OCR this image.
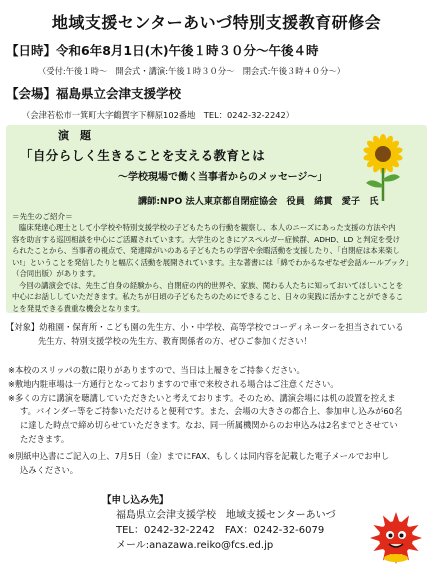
地域支援センターあいづ特別支援教育研修会
【日時】令和6年8月1日(木)午後１時３０分～午後４時
（受付:午後１時～　開会式・講演:午後１時３０分～　閉会式:午後３時４０分～）
【会場】福島県立会津支援学校
（会津若松市一箕町大字鶴賀字下柳原102番地　TEL：0242-32-2242）
演　題
「自分らしく生きることを支える教育とは
～学校現場で働く当事者からのメッセージ～」
講師:NPO 法人東京都自閉症協会　役員　綿貫　愛子　氏
＝先生のご紹介＝
臨床発達心理士として小学校や特別支援学校の子どもたちの行動を観察し、本人のニーズにあった支援の方法や内
容を助言する巡回相談を中心にご活躍されています。大学生のときにアスペルガー症候群、ADHD、LD と判定を受け
られたことから、当事者の視点で、発達障がいのある子どもたちの学習や余暇活動を支援したり、「自閉症は本来楽し
い!」ということを発信したりと幅広く活動を展開されています。主な著書には「綿でわかるなぜなぜ会話ルールブック」
（合同出版）があります。
今回の講演会では、先生ご自身の経験から、自閉症の内的世界や、家族、関わる人たちに知っておいてほしいことを
中心にお話ししていただきます。私たちが日頃の子どもたちのためにできること、日々の実践に活かすことができるこ
とを発見できる貴重な機会となります。
【対象】幼稚園・保育所・こども園の先生方、小・中学校、高等学校でコーディネーターを担当されている
先生方、特別支援学校の先生方、教育関係者の方、ぜひご参加ください！
※本校のスリッパの数に限りがありますので、当日は上履きをご持参ください。
※敷地内駐車場は一方通行となっておりますので車で来校される場合はご注意ください。
※多くの方に講演を聴講していただきたいと考えております。そのため、講演会場には机の設置を控えま
す。バインダー等をご持参いただけると便利です。また、会場の大きさの都合上、参加申し込みが60名
に達した時点で締め切らせていただきます。なお、同一所属機関からのお申込みは2名までとさせてい
ただきます。
※別紙申込書にご記入の上、7月5日（金）までにFAX、もしくは同内容を記載した電子メールでお申し
込みください。
【申し込み先】
福島県立会津支援学校　地域支援センターあいづ
TEL：0242-32-2242　FAX：0242-32-6079
メール:anazawa.reiko@fcs.ed.jp
